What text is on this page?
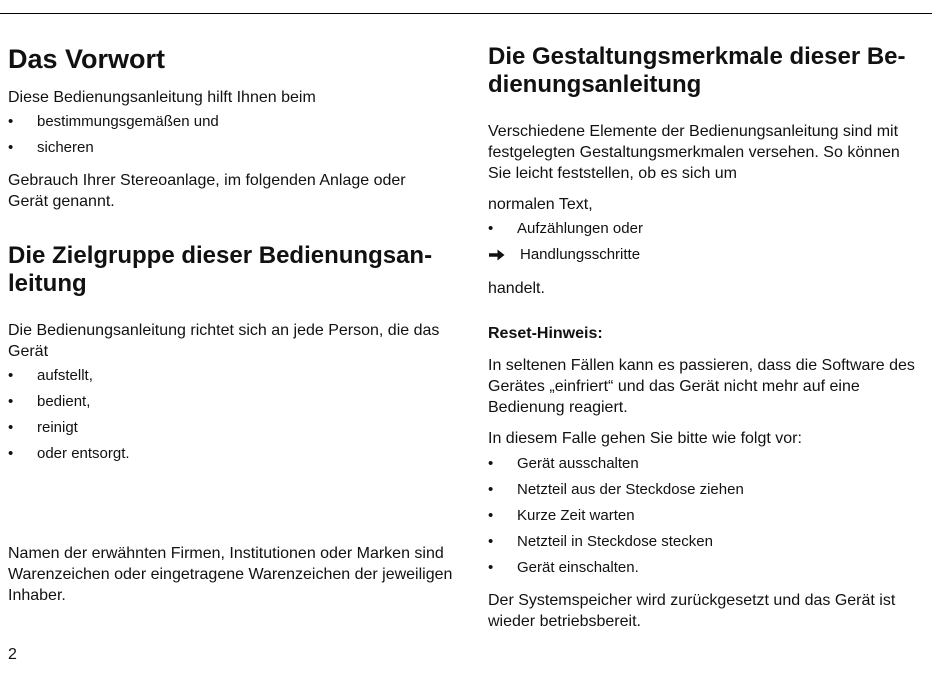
Das Vorwort

Diese Bedienungsanleitung hilft Ihnen beim

•	bestimmungsgemäßen und
•	sicheren

Gebrauch Ihrer Stereoanlage, im folgenden Anlage oder Gerät genannt.

Die Zielgruppe dieser Bedienungsan-
leitung

Die Bedienungsanleitung richtet sich an jede Person, die das Gerät

•	aufstellt,
•	bedient,
•	reinigt
•	oder entsorgt.

Namen der erwähnten Firmen, Institutionen oder Marken sind Warenzeichen oder eingetragene Warenzeichen der jeweiligen Inhaber.

Die Gestaltungsmerkmale dieser Be-
dienungsanleitung

Verschiedene Elemente der Bedienungsanleitung sind mit festgelegten Gestaltungsmerkmalen versehen. So können Sie leicht feststellen, ob es sich um

normalen Text,

•	Aufzählungen oder
Handlungsschritte

handelt.

Reset-Hinweis:

In seltenen Fällen kann es passieren, dass die Software des Gerätes „einfriert“ und das Gerät nicht mehr auf eine Bedienung reagiert.

In diesem Falle gehen Sie bitte wie folgt vor:

•	Gerät ausschalten
•	Netzteil aus der Steckdose ziehen
•	Kurze Zeit warten
•	Netzteil in Steckdose stecken
•	Gerät einschalten.

Der Systemspeicher wird zurückgesetzt und das Gerät ist wieder betriebsbereit.

2
